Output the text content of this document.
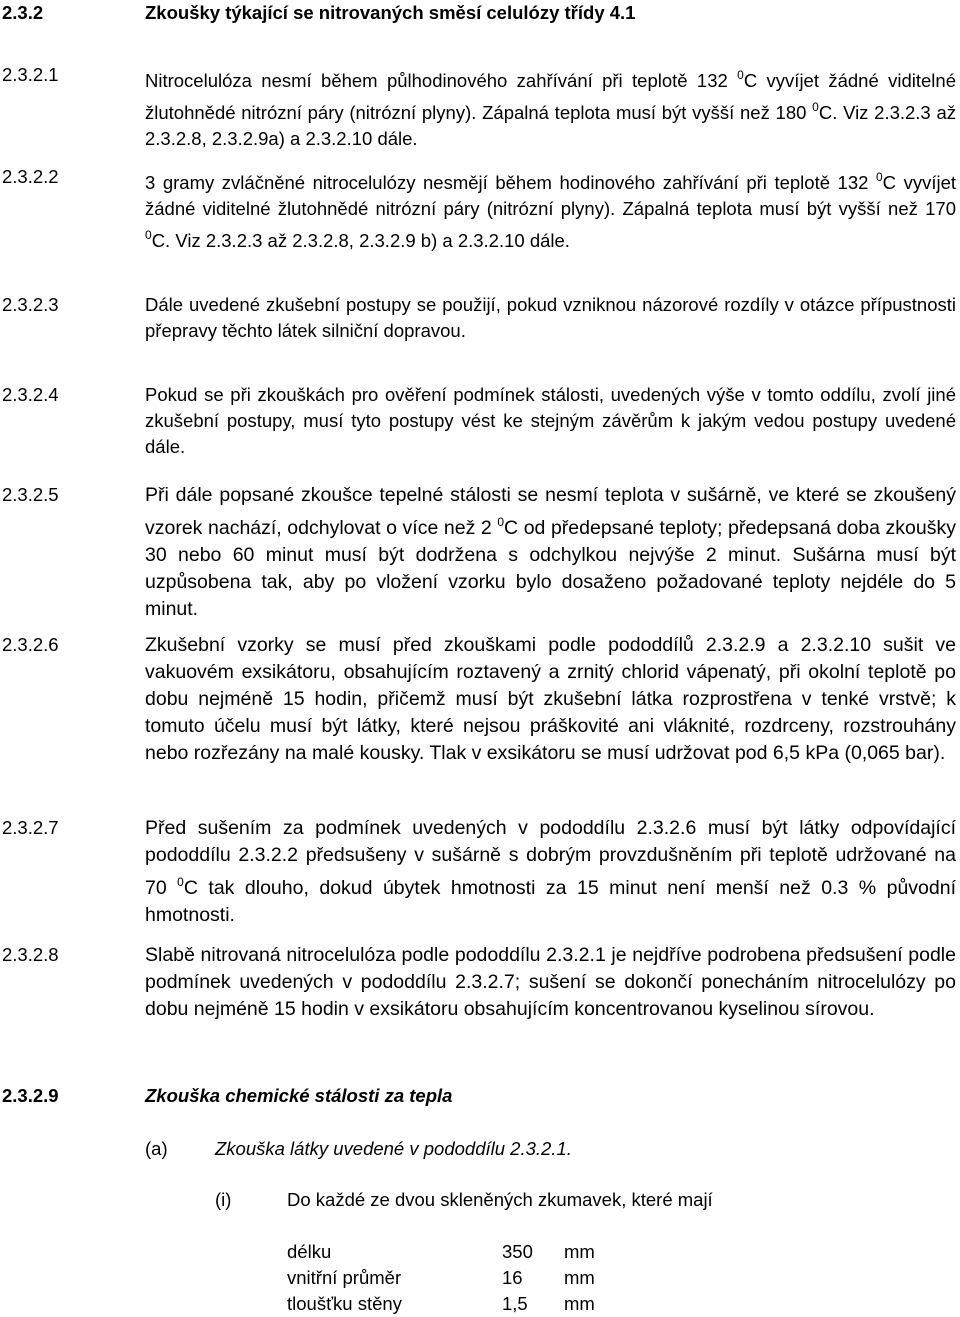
2.3.2	Zkoušky týkající se nitrovaných směsí celulózy třídy 4.1
2.3.2.1	Nitrocelulóza nesmí během půlhodinového zahřívání při teplotě 132 $^0$C vyvíjet žádné viditelné žlutohnědé nitrózní páry (nitrózní plyny). Zápalná teplota musí být vyšší než 180 $^0$C. Viz 2.3.2.3 až 2.3.2.8, 2.3.2.9a) a 2.3.2.10 dále.
2.3.2.2	3 gramy zvláčněné nitrocelulózy nesmějí během hodinového zahřívání při teplotě 132 $^0$C vyvíjet žádné viditelné žlutohnědé nitrózní páry (nitrózní plyny). Zápalná teplota musí být vyšší než 170 $^0$C. Viz 2.3.2.3 až 2.3.2.8, 2.3.2.9 b) a 2.3.2.10 dále.
2.3.2.3	Dále uvedené zkušební postupy se použijí, pokud vzniknou názorové rozdíly v otázce přípustnosti přepravy těchto látek silniční dopravou.
2.3.2.4	Pokud se při zkouškách pro ověření podmínek stálosti, uvedených výše v tomto oddílu, zvolí jiné zkušební postupy, musí tyto postupy vést ke stejným závěrům k jakým vedou postupy uvedené dále.
2.3.2.5	Při dále popsané zkoušce tepelné stálosti se nesmí teplota v sušárně, ve které se zkoušený vzorek nachází, odchylovat o více než 2 $^0$C od předepsané teploty; předepsaná doba zkoušky 30 nebo 60 minut musí být dodržena s odchylkou nejvýše 2 minut. Sušárna musí být uzpůsobena tak, aby po vložení vzorku bylo dosaženo požadované teploty nejdéle do 5 minut.
2.3.2.6	Zkušební vzorky se musí před zkouškami podle pododdílů 2.3.2.9 a 2.3.2.10 sušit ve vakuovém exsikátoru, obsahujícím roztavený a zrnitý chlorid vápenatý, při okolní teplotě po dobu nejméně 15 hodin, přičemž musí být zkušební látka rozprostřena v tenké vrstvě; k tomuto účelu musí být látky, které nejsou práškovité ani vláknité, rozdrceny, rozstrouhány nebo rozřezány na malé kousky. Tlak v exsikátoru se musí udržovat pod 6,5 kPa (0,065 bar).
2.3.2.7	Před sušením za podmínek uvedených v pododdílu 2.3.2.6 musí být látky odpovídající pododdílu 2.3.2.2 předsušeny v sušárně s dobrým provzdušněním při teplotě udržované na 70 $^0$C tak dlouho, dokud úbytek hmotnosti za 15 minut není menší než 0.3 % původní hmotnosti.
2.3.2.8	Slabě nitrovaná nitrocelulóza podle pododdílu 2.3.2.1 je nejdříve podrobena předsušení podle podmínek uvedených v pododdílu 2.3.2.7; sušení se dokončí ponecháním nitrocelulózy po dobu nejméně 15 hodin v exsikátoru obsahujícím koncentrovanou kyselinou sírovou.
2.3.2.9	Zkouška chemické stálosti za tepla
(a)	Zkouška látky uvedené v pododdílu 2.3.2.1.
(i)	Do každé ze dvou skleněných zkumavek, které mají
délku	350 mm
vnitřní průměr	16 mm
tloušťku stěny	1,5 mm
